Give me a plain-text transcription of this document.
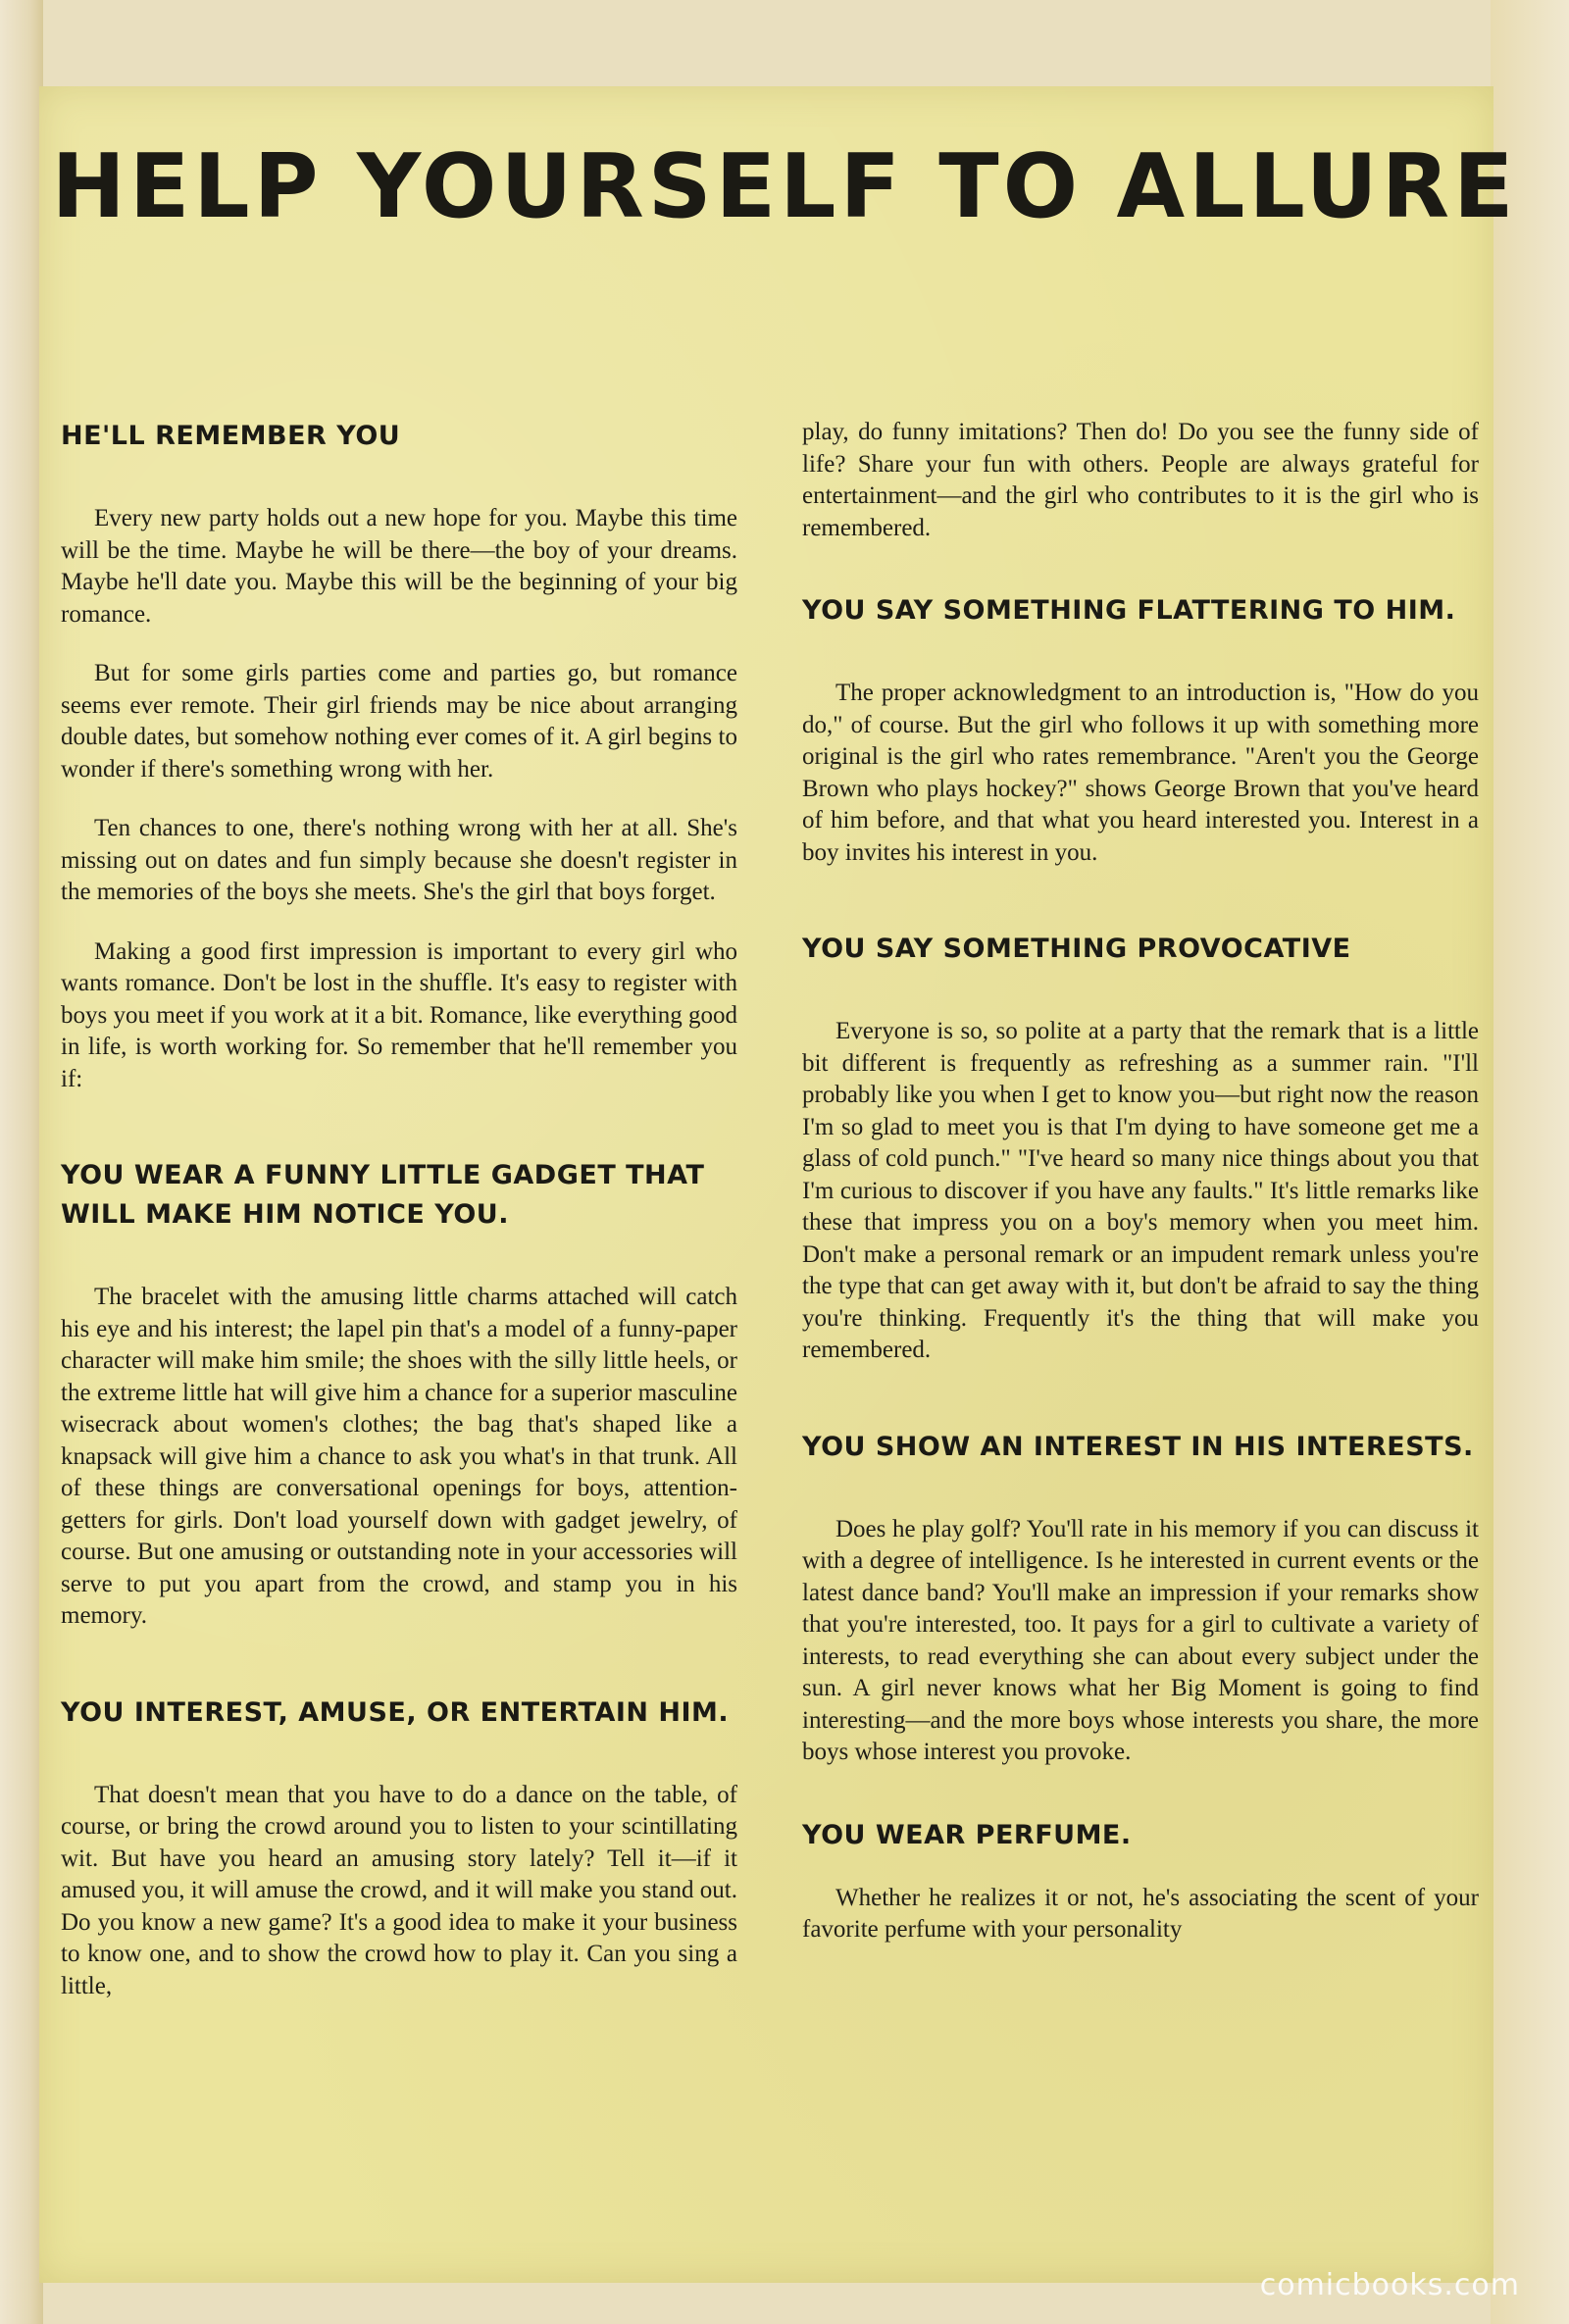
HELP YOURSELF TO ALLURE
HE'LL REMEMBER YOU

Every new party holds out a new hope for you. Maybe this time will be the time. Maybe he will be there—the boy of your dreams. Maybe he'll date you. Maybe this will be the beginning of your big romance.

But for some girls parties come and parties go, but romance seems ever remote. Their girl friends may be nice about arranging double dates, but somehow nothing ever comes of it. A girl begins to wonder if there's something wrong with her.

Ten chances to one, there's nothing wrong with her at all. She's missing out on dates and fun simply because she doesn't register in the memories of the boys she meets. She's the girl that boys forget.

Making a good first impression is important to every girl who wants romance. Don't be lost in the shuffle. It's easy to register with boys you meet if you work at it a bit. Romance, like everything good in life, is worth working for. So remember that he'll remember you if:

YOU WEAR A FUNNY LITTLE GADGET THAT WILL MAKE HIM NOTICE YOU.

The bracelet with the amusing little charms attached will catch his eye and his interest; the lapel pin that's a model of a funny-paper character will make him smile; the shoes with the silly little heels, or the extreme little hat will give him a chance for a superior masculine wisecrack about women's clothes; the bag that's shaped like a knapsack will give him a chance to ask you what's in that trunk. All of these things are conversational openings for boys, attention-getters for girls. Don't load yourself down with gadget jewelry, of course. But one amusing or outstanding note in your accessories will serve to put you apart from the crowd, and stamp you in his memory.

YOU INTEREST, AMUSE, OR ENTERTAIN HIM.

That doesn't mean that you have to do a dance on the table, of course, or bring the crowd around you to listen to your scintillating wit. But have you heard an amusing story lately? Tell it—if it amused you, it will amuse the crowd, and it will make you stand out. Do you know a new game? It's a good idea to make it your business to know one, and to show the crowd how to play it. Can you sing a little,

play, do funny imitations? Then do! Do you see the funny side of life? Share your fun with others. People are always grateful for entertainment—and the girl who contributes to it is the girl who is remembered.

YOU SAY SOMETHING FLATTERING TO HIM.

The proper acknowledgment to an introduction is, "How do you do," of course. But the girl who follows it up with something more original is the girl who rates remembrance. "Aren't you the George Brown who plays hockey?" shows George Brown that you've heard of him before, and that what you heard interested you. Interest in a boy invites his interest in you.

YOU SAY SOMETHING PROVOCATIVE

Everyone is so, so polite at a party that the remark that is a little bit different is frequently as refreshing as a summer rain. "I'll probably like you when I get to know you—but right now the reason I'm so glad to meet you is that I'm dying to have someone get me a glass of cold punch." "I've heard so many nice things about you that I'm curious to discover if you have any faults." It's little remarks like these that impress you on a boy's memory when you meet him. Don't make a personal remark or an impudent remark unless you're the type that can get away with it, but don't be afraid to say the thing you're thinking. Frequently it's the thing that will make you remembered.

YOU SHOW AN INTEREST IN HIS INTERESTS.

Does he play golf? You'll rate in his memory if you can discuss it with a degree of intelligence. Is he interested in current events or the latest dance band? You'll make an impression if your remarks show that you're interested, too. It pays for a girl to cultivate a variety of interests, to read everything she can about every subject under the sun. A girl never knows what her Big Moment is going to find interesting—and the more boys whose interests you share, the more boys whose interest you provoke.

YOU WEAR PERFUME.

Whether he realizes it or not, he's associating the scent of your favorite perfume with your personality

comicbooks.com
